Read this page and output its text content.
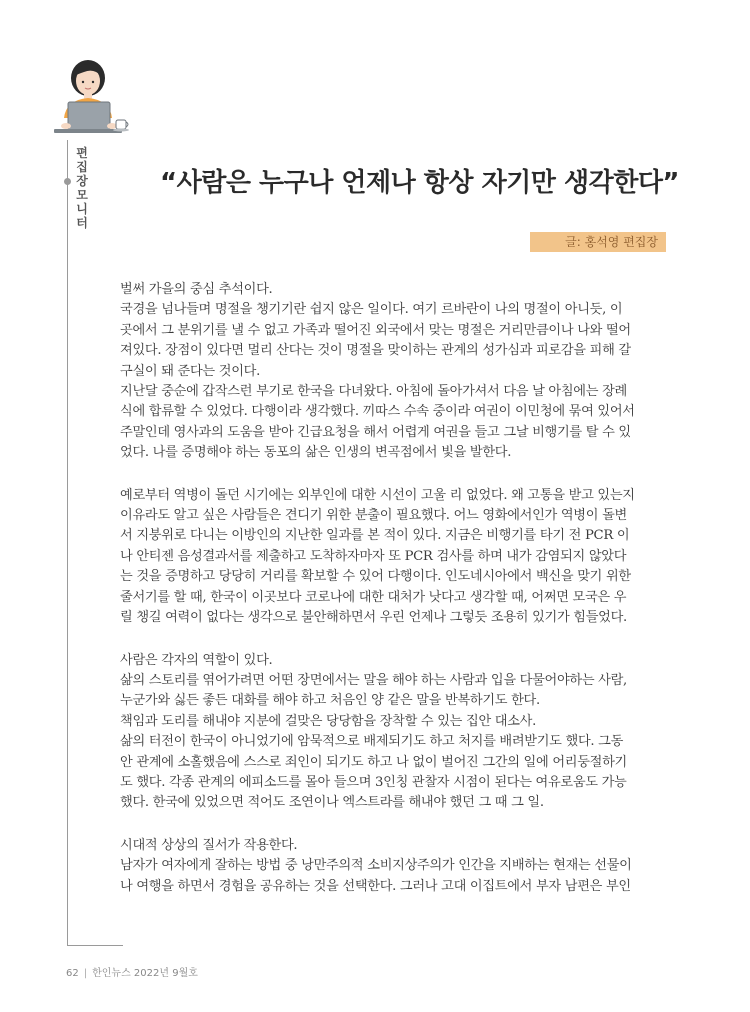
편집장모니터
“사람은 누구나 언제나 항상 자기만 생각한다”
글: 홍석영 편집장
벌써 가을의 중심 추석이다.
국경을 넘나들며 명절을 챙기기란 쉽지 않은 일이다. 여기 르바란이 나의 명절이 아니듯, 이
곳에서 그 분위기를 낼 수 없고 가족과 떨어진 외국에서 맞는 명절은 거리만큼이나 나와 떨어
져있다. 장점이 있다면 멀리 산다는 것이 명절을 맞이하는 관계의 성가심과 피로감을 피해 갈
구실이 돼 준다는 것이다.
지난달 중순에 갑작스런 부기로 한국을 다녀왔다. 아침에 돌아가셔서 다음 날 아침에는 장례
식에 합류할 수 있었다. 다행이라 생각했다. 끼따스 수속 중이라 여권이 이민청에 묶여 있어서
주말인데 영사과의 도움을 받아 긴급요청을 해서 어렵게 여권을 들고 그날 비행기를 탈 수 있
었다. 나를 증명해야 하는 동포의 삶은 인생의 변곡점에서 빛을 발한다.
예로부터 역병이 돌던 시기에는 외부인에 대한 시선이 고울 리 없었다. 왜 고통을 받고 있는지
이유라도 알고 싶은 사람들은 견디기 위한 분출이 필요했다. 어느 영화에서인가 역병이 돌변
서 지붕위로 다니는 이방인의 지난한 일과를 본 적이 있다. 지금은 비행기를 타기 전 PCR 이
나 안티젠 음성결과서를 제출하고 도착하자마자 또 PCR 검사를 하며 내가 감염되지 않았다
는 것을 증명하고 당당히 거리를 확보할 수 있어 다행이다. 인도네시아에서 백신을 맞기 위한
줄서기를 할 때, 한국이 이곳보다 코로나에 대한 대처가 낫다고 생각할 때, 어쩌면 모국은 우
릴 챙길 여력이 없다는 생각으로 불안해하면서 우린 언제나 그렇듯 조용히 있기가 힘들었다.
사람은 각자의 역할이 있다.
삶의 스토리를 엮어가려면 어떤 장면에서는 말을 해야 하는 사람과 입을 다물어야하는 사람,
누군가와 싫든 좋든 대화를 해야 하고 처음인 양 같은 말을 반복하기도 한다.
책임과 도리를 해내야 지분에 걸맞은 당당함을 장착할 수 있는 집안 대소사.
삶의 터전이 한국이 아니었기에 암묵적으로 배제되기도 하고 처지를 배려받기도 했다. 그동
안 관계에 소홀했음에 스스로 죄인이 되기도 하고 나 없이 벌어진 그간의 일에 어리둥절하기
도 했다. 각종 관계의 에피소드를 몰아 들으며 3인칭 관찰자 시점이 된다는 여유로움도 가능
했다. 한국에 있었으면 적어도 조연이나 엑스트라를 해내야 했던 그 때 그 일.
시대적 상상의 질서가 작용한다.
남자가 여자에게 잘하는 방법 중 낭만주의적 소비지상주의가 인간을 지배하는 현재는 선물이
나 여행을 하면서 경험을 공유하는 것을 선택한다. 그러나 고대 이집트에서 부자 남편은 부인
62 | 한인뉴스 2022년 9월호
